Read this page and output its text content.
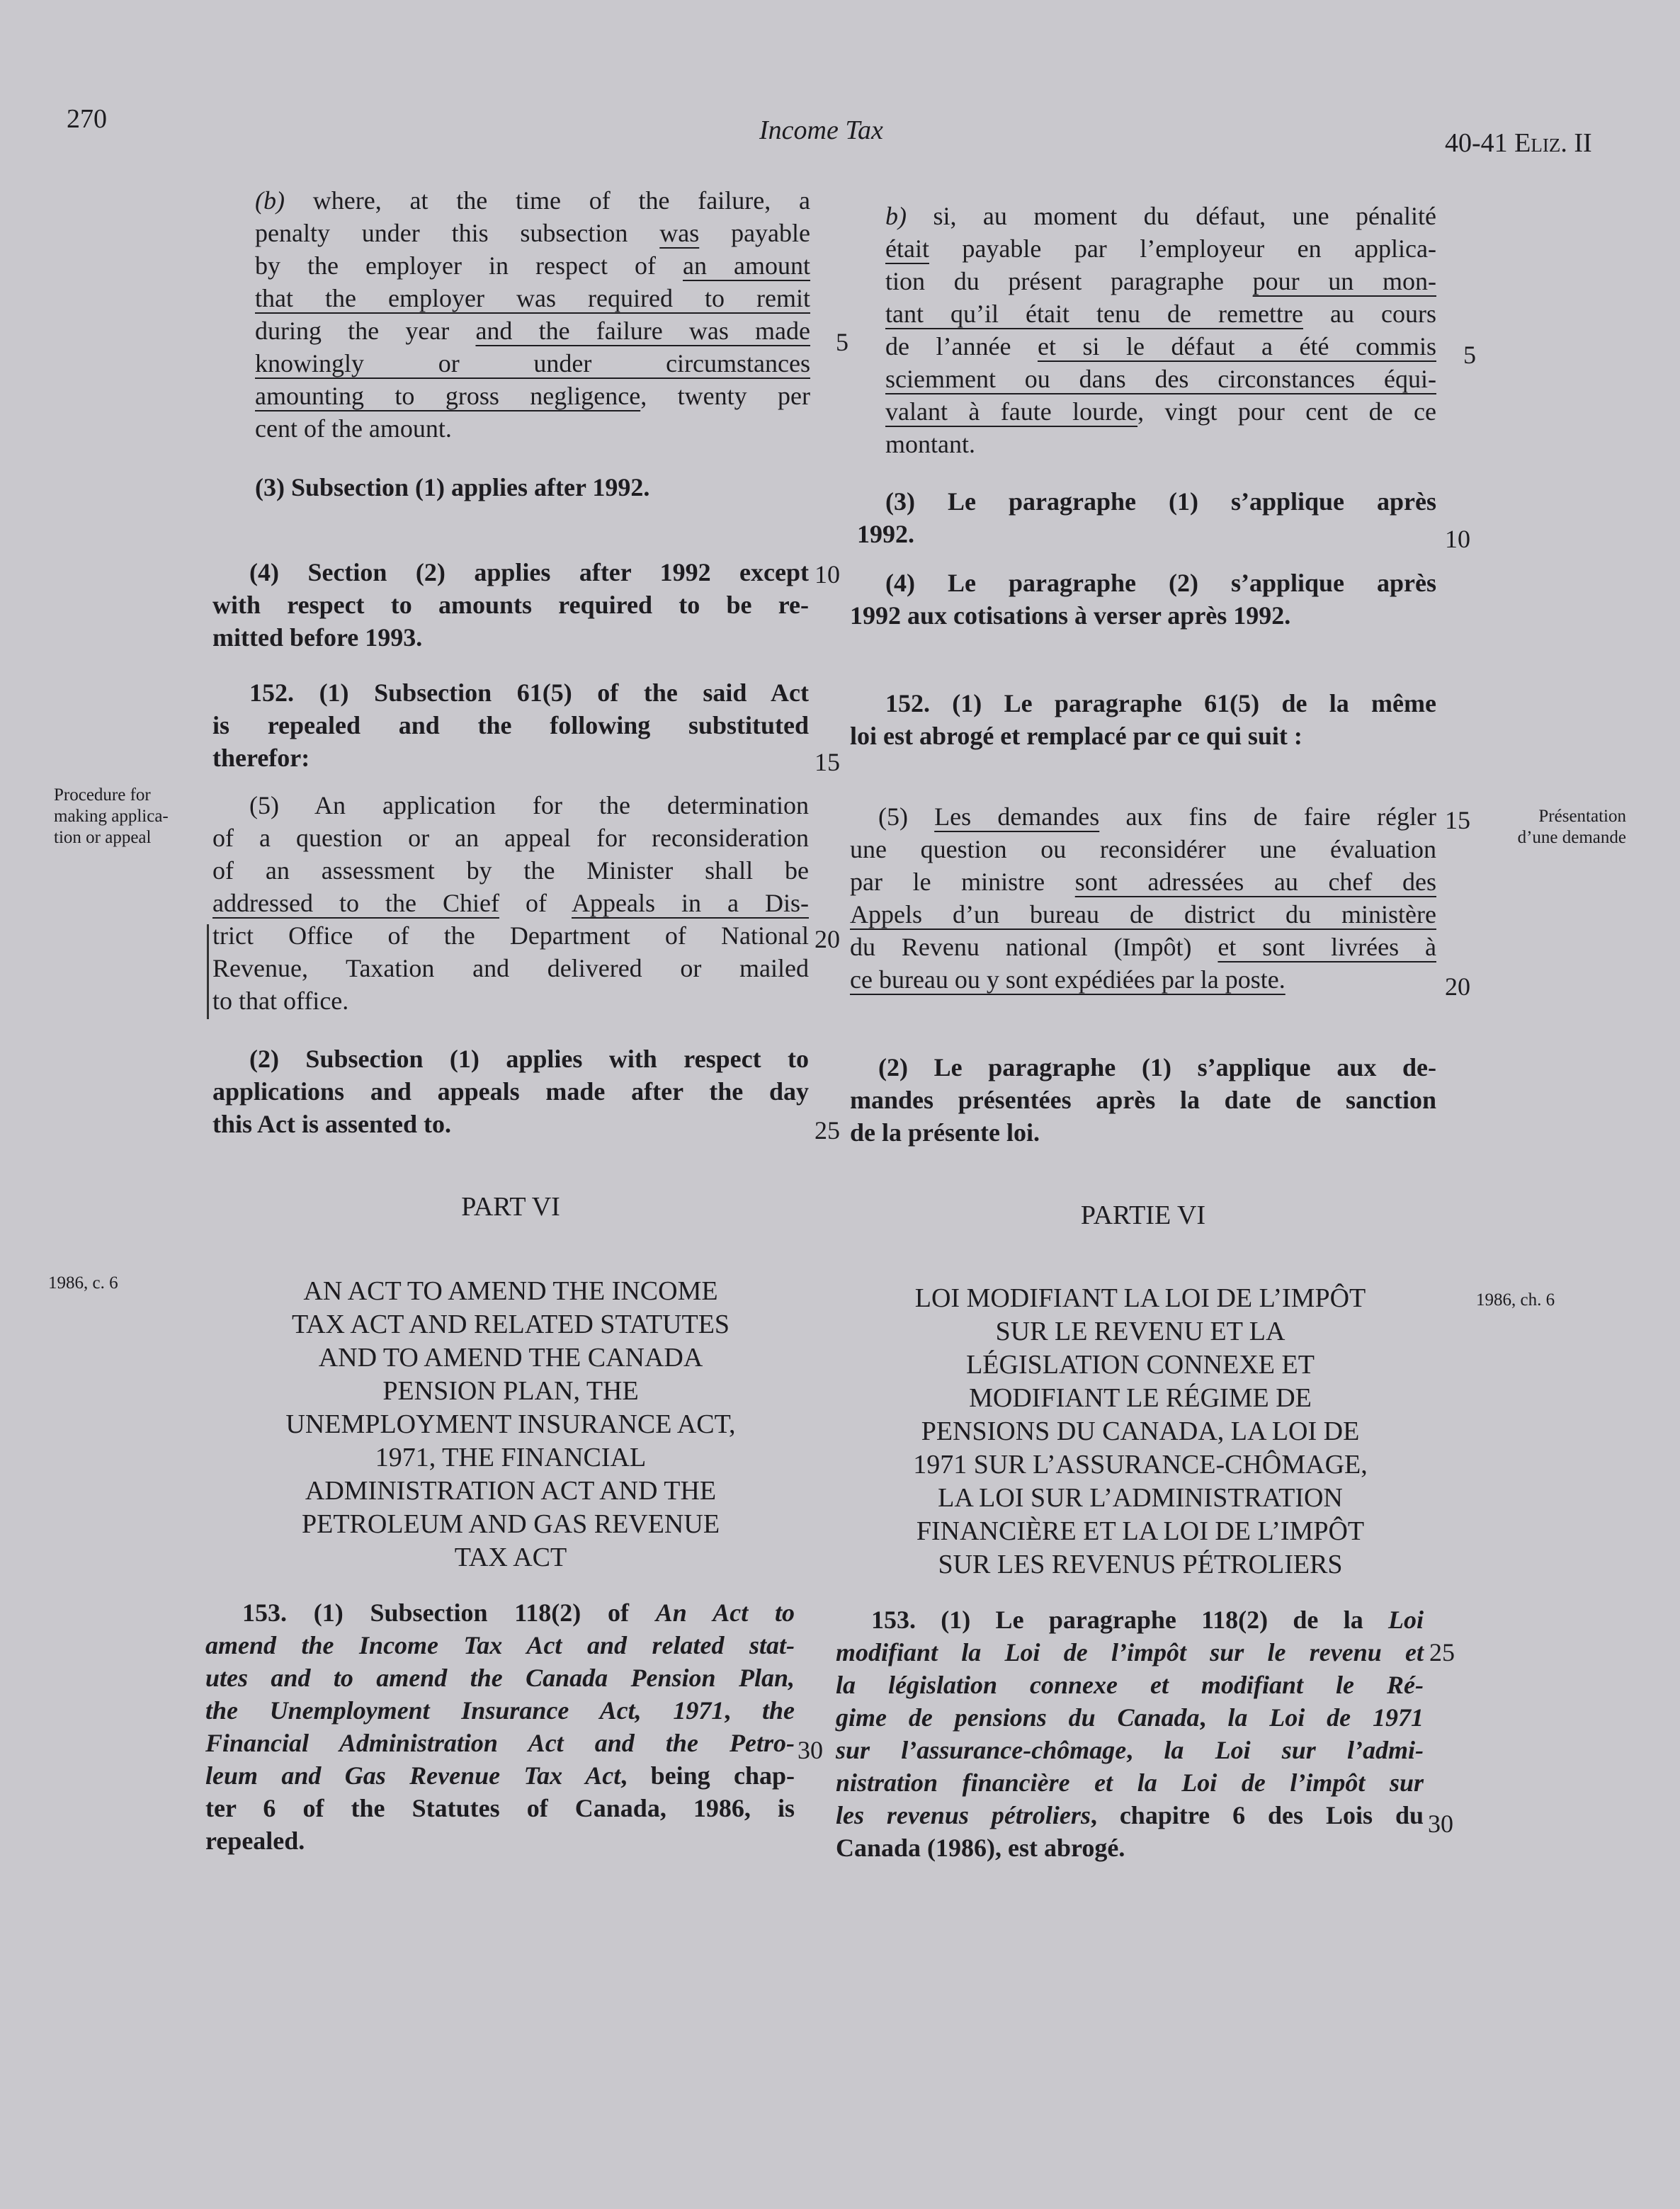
270	Income Tax	40-41 Eliz. II
(b) where, at the time of the failure, a
penalty under this subsection was payable
by the employer in respect of an amount
that the employer was required to remit
during the year and the failure was made
knowingly or under circumstances
amounting to gross negligence, twenty per
cent of the amount.
(3) Subsection (1) applies after 1992.
(4) Section (2) applies after 1992 except
with respect to amounts required to be re-
mitted before 1993.
152. (1) Subsection 61(5) of the said Act
is repealed and the following substituted
therefor:
(5) An application for the determination
of a question or an appeal for reconsideration
of an assessment by the Minister shall be
addressed to the Chief of Appeals in a Dis-
trict Office of the Department of National
Revenue, Taxation and delivered or mailed
to that office.
(2) Subsection (1) applies with respect to
applications and appeals made after the day
this Act is assented to.
PART VI
AN ACT TO AMEND THE INCOME
TAX ACT AND RELATED STATUTES
AND TO AMEND THE CANADA
PENSION PLAN, THE
UNEMPLOYMENT INSURANCE ACT,
1971, THE FINANCIAL
ADMINISTRATION ACT AND THE
PETROLEUM AND GAS REVENUE
TAX ACT
153. (1) Subsection 118(2) of An Act to
amend the Income Tax Act and related stat-
utes and to amend the Canada Pension Plan,
the Unemployment Insurance Act, 1971, the
Financial Administration Act and the Petro-
leum and Gas Revenue Tax Act, being chap-
ter 6 of the Statutes of Canada, 1986, is
repealed.
b) si, au moment du défaut, une pénalité
était payable par l’employeur en applica-
tion du présent paragraphe pour un mon-
tant qu’il était tenu de remettre au cours
de l’année et si le défaut a été commis
sciemment ou dans des circonstances équi-
valant à faute lourde, vingt pour cent de ce
montant.
(3) Le paragraphe (1) s’applique après
1992.
(4) Le paragraphe (2) s’applique après
1992 aux cotisations à verser après 1992.
152. (1) Le paragraphe 61(5) de la même
loi est abrogé et remplacé par ce qui suit :
(5) Les demandes aux fins de faire régler
une question ou reconsidérer une évaluation
par le ministre sont adressées au chef des
Appels d’un bureau de district du ministère
du Revenu national (Impôt) et sont livrées à
ce bureau ou y sont expédiées par la poste.
(2) Le paragraphe (1) s’applique aux de-
mandes présentées après la date de sanction
de la présente loi.
PARTIE VI
LOI MODIFIANT LA LOI DE L’IMPÔT
SUR LE REVENU ET LA
LÉGISLATION CONNEXE ET
MODIFIANT LE RÉGIME DE
PENSIONS DU CANADA, LA LOI DE
1971 SUR L’ASSURANCE-CHÔMAGE,
LA LOI SUR L’ADMINISTRATION
FINANCIÈRE ET LA LOI DE L’IMPÔT
SUR LES REVENUS PÉTROLIERS
153. (1) Le paragraphe 118(2) de la Loi
modifiant la Loi de l’impôt sur le revenu et
la législation connexe et modifiant le Ré-
gime de pensions du Canada, la Loi de 1971
sur l’assurance-chômage, la Loi sur l’admi-
nistration financière et la Loi de l’impôt sur
les revenus pétroliers, chapitre 6 des Lois du
Canada (1986), est abrogé.
Procedure for
making applica-
tion or appeal
Présentation
d’une demande
1986, c. 6
1986, ch. 6
5
10
15
20
25
30
5
10
15
20
25
30
